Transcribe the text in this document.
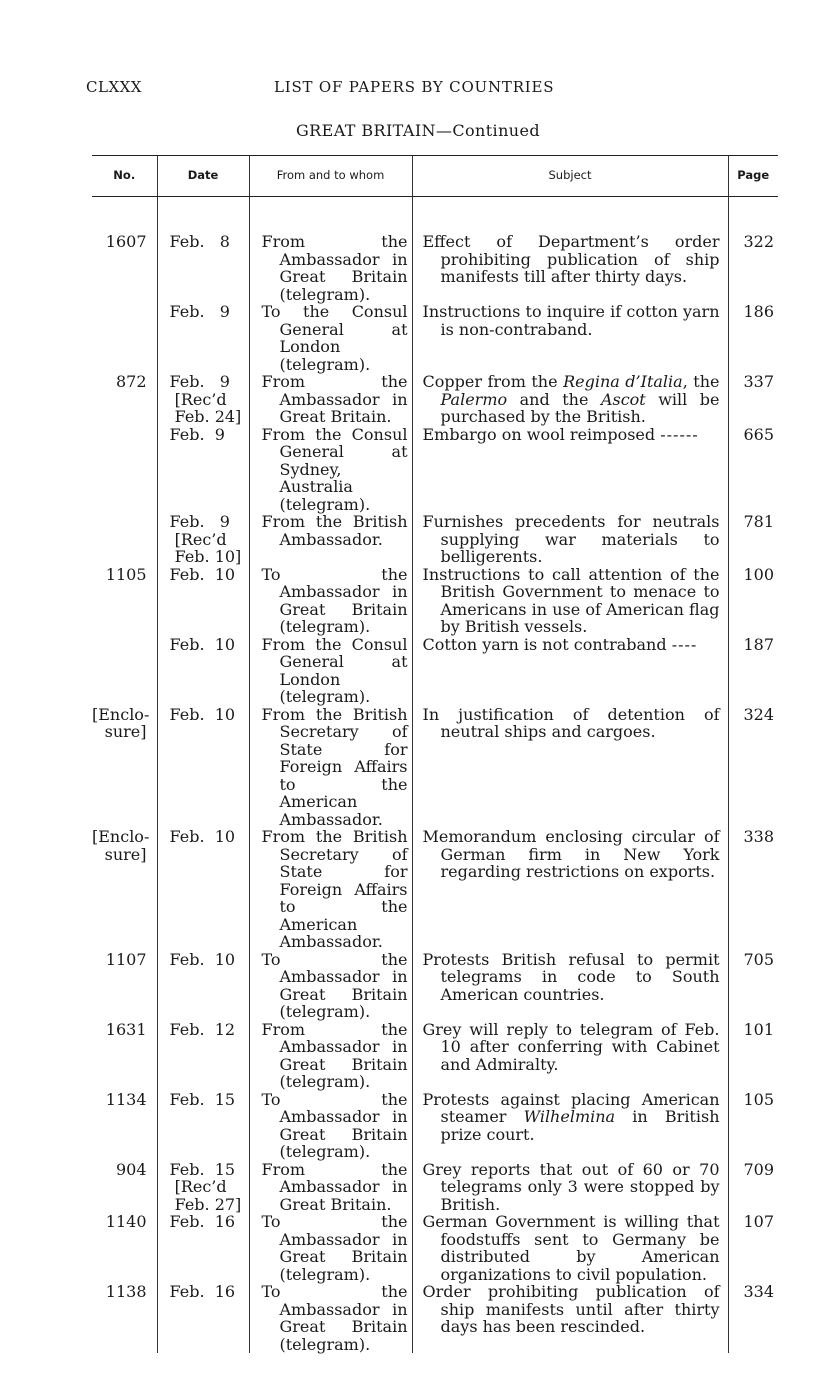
CLXXX	LIST OF PAPERS BY COUNTRIES
GREAT BRITAIN—Continued
No.	Date	From and to whom	Subject	Page

1607	Feb.   8	From the Ambassador in Great Britain (telegram).	Effect of Department’s order prohibiting publication of ship manifests till after thirty days.	322

	Feb.   9	To the Consul General at London (telegram).	Instructions to inquire if cotton yarn is non-contraband.	186

872	Feb.   9
[Rec’d
Feb. 24]	From the Ambassador in Great Britain.	Copper from the Regina d’Italia, the Palermo and the Ascot will be purchased by the British.	337

	Feb.  9	From the Consul General at Sydney, Australia (telegram).	Embargo on wool reimposed ------	665

	Feb.   9
[Rec’d
Feb. 10]	From the British Ambassador.	Furnishes precedents for neutrals supplying war materials to belligerents.	781

1105	Feb.  10	To the Ambassador in Great Britain (telegram).	Instructions to call attention of the British Government to menace to Americans in use of American flag by British vessels.	100

	Feb.  10	From the Consul General at London (telegram).	Cotton yarn is not contraband ----	187

[Enclo-
sure]	Feb.  10	From the British Secretary of State for Foreign Affairs to the American Ambassador.	In justification of detention of neutral ships and cargoes.	324

[Enclo-
sure]	Feb.  10	From the British Secretary of State for Foreign Affairs to the American Ambassador.	Memorandum enclosing circular of German firm in New York regarding restrictions on exports.	338

1107	Feb.  10	To the Ambassador in Great Britain (telegram).	Protests British refusal to permit telegrams in code to South American countries.	705

1631	Feb.  12	From the Ambassador in Great Britain (telegram).	Grey will reply to telegram of Feb. 10 after conferring with Cabinet and Admiralty.	101

1134	Feb.  15	To the Ambassador in Great Britain (telegram).	Protests against placing American steamer Wilhelmina in British prize court.	105

904	Feb.  15
[Rec’d
Feb. 27]	From the Ambassador in Great Britain.	Grey reports that out of 60 or 70 telegrams only 3 were stopped by British.	709

1140	Feb.  16	To the Ambassador in Great Britain (telegram).	German Government is willing that foodstuffs sent to Germany be distributed by American organizations to civil population.	107

1138	Feb.  16	To the Ambassador in Great Britain (telegram).	Order prohibiting publication of ship manifests until after thirty days has been rescinded.	334
